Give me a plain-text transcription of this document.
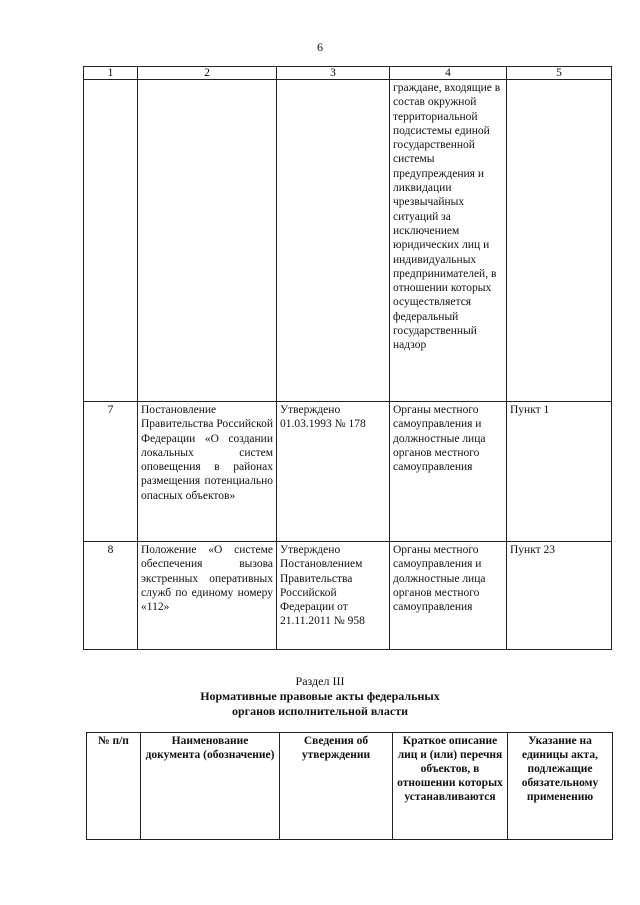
6
1	2	3	4	5
			граждане, входящие в состав окружной территориальной подсистемы единой государственной системы предупреждения и ликвидации чрезвычайных ситуаций за исключением юридических лиц и индивидуальных предпринимателей, в отношении которых осуществляется федеральный государственный надзор	
7	Постановление Правительства Российской Федерации «О создании локальных систем оповещения в районах размещения потенциально опасных объектов»	Утверждено 01.03.1993 № 178	Органы местного самоуправления и должностные лица органов местного самоуправления	Пункт 1
8	Положение «О системе обеспечения вызова экстренных оперативных служб по единому номеру «112»	Утверждено Постановлением Правительства Российской Федерации от 21.11.2011 № 958	Органы местного самоуправления и должностные лица органов местного самоуправления	Пункт 23
Раздел III
Нормативные правовые акты федеральных
органов исполнительной власти
№ п/п	Наименование документа (обозначение)	Сведения об утверждении	Краткое описание лиц и (или) перечня объектов, в отношении которых устанавливаются	Указание на единицы акта, подлежащие обязательному применению
